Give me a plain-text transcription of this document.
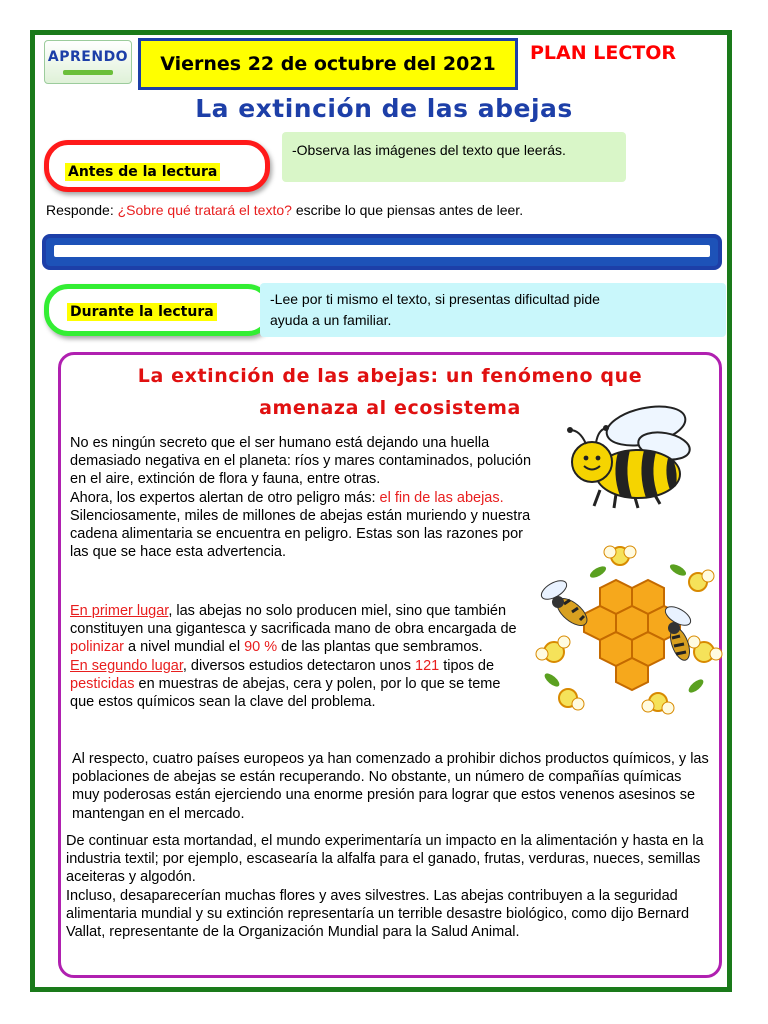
APRENDO	Viernes 22 de octubre del 2021	PLAN LECTOR
La extinción de las abejas
Antes de la lectura
-Observa las imágenes del texto que leerás.
Responde: ¿Sobre qué tratará el texto? escribe lo que piensas antes de leer.
Durante la lectura
-Lee por ti mismo el texto, si presentas dificultad pide
ayuda a un familiar.
La extinción de las abejas: un fenómeno que
amenaza al ecosistema
No es ningún secreto que el ser humano está dejando una huella demasiado negativa en el planeta: ríos y mares contaminados, polución en el aire, extinción de flora y fauna, entre otras.
Ahora, los expertos alertan de otro peligro más: el fin de las abejas. Silenciosamente, miles de millones de abejas están muriendo y nuestra cadena alimentaria se encuentra en peligro. Estas son las razones por las que se hace esta advertencia.
En primer lugar, las abejas no solo producen miel, sino que también constituyen una gigantesca y sacrificada mano de obra encargada de polinizar a nivel mundial el 90 % de las plantas que sembramos.
En segundo lugar, diversos estudios detectaron unos 121 tipos de pesticidas en muestras de abejas, cera y polen, por lo que se teme que estos químicos sean la clave del problema.
Al respecto, cuatro países europeos ya han comenzado a prohibir dichos productos químicos, y las poblaciones de abejas se están recuperando. No obstante, un número de compañías químicas muy poderosas están ejerciendo una enorme presión para lograr que estos venenos asesinos se mantengan en el mercado.
De continuar esta mortandad, el mundo experimentaría un impacto en la alimentación y hasta en la industria textil; por ejemplo, escasearía la alfalfa para el ganado, frutas, verduras, nueces, semillas aceiteras y algodón.
Incluso, desaparecerían muchas flores y aves silvestres. Las abejas contribuyen a la seguridad alimentaria mundial y su extinción representaría un terrible desastre biológico, como dijo Bernard Vallat, representante de la Organización Mundial para la Salud Animal.
